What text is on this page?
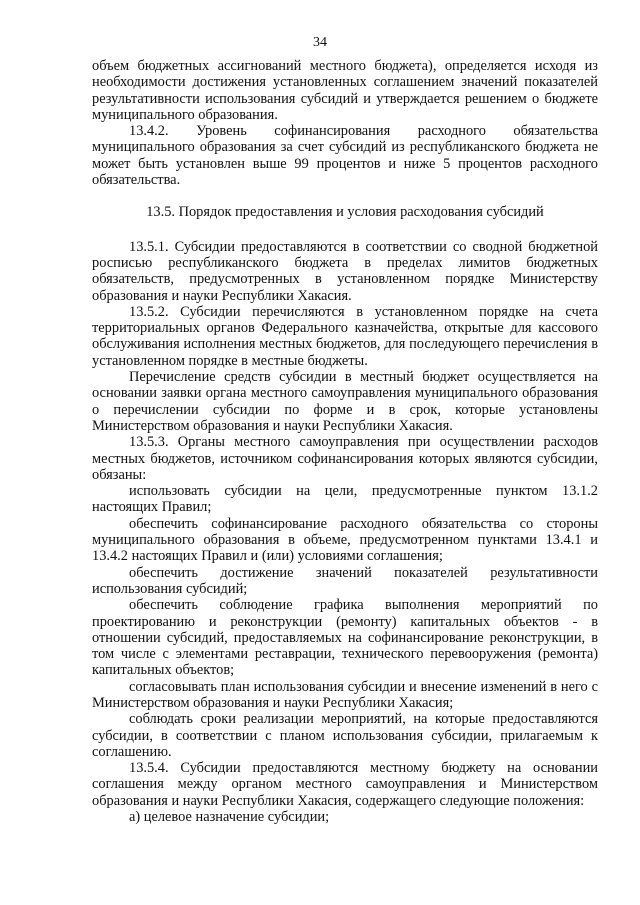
34

объем бюджетных ассигнований местного бюджета), определяется исходя из необходимости достижения установленных соглашением значений показателей результативности использования субсидий и утверждается решением о бюджете муниципального образования.

13.4.2. Уровень софинансирования расходного обязательства муниципального образования за счет субсидий из республиканского бюджета не может быть установлен выше 99 процентов и ниже 5 процентов расходного обязательства.

13.5. Порядок предоставления и условия расходования субсидий

13.5.1. Субсидии предоставляются в соответствии со сводной бюджетной росписью республиканского бюджета в пределах лимитов бюджетных обязательств, предусмотренных в установленном порядке Министерству образования и науки Республики Хакасия.

13.5.2. Субсидии перечисляются в установленном порядке на счета территориальных органов Федерального казначейства, открытые для кассового обслуживания исполнения местных бюджетов, для последующего перечисления в установленном порядке в местные бюджеты.

Перечисление средств субсидии в местный бюджет осуществляется на основании заявки органа местного самоуправления муниципального образования о перечислении субсидии по форме и в срок, которые установлены Министерством образования и науки Республики Хакасия.

13.5.3. Органы местного самоуправления при осуществлении расходов местных бюджетов, источником софинансирования которых являются субсидии, обязаны:

использовать субсидии на цели, предусмотренные пунктом 13.1.2 настоящих Правил;

обеспечить софинансирование расходного обязательства со стороны муниципального образования в объеме, предусмотренном пунктами 13.4.1 и 13.4.2 настоящих Правил и (или) условиями соглашения;

обеспечить достижение значений показателей результативности использования субсидий;

обеспечить соблюдение графика выполнения мероприятий по проектированию и реконструкции (ремонту) капитальных объектов - в отношении субсидий, предоставляемых на софинансирование реконструкции, в том числе с элементами реставрации, технического перевооружения (ремонта) капитальных объектов;

согласовывать план использования субсидии и внесение изменений в него с Министерством образования и науки Республики Хакасия;

соблюдать сроки реализации мероприятий, на которые предоставляются субсидии, в соответствии с планом использования субсидии, прилагаемым к соглашению.

13.5.4. Субсидии предоставляются местному бюджету на основании соглашения между органом местного самоуправления и Министерством образования и науки Республики Хакасия, содержащего следующие положения:

а) целевое назначение субсидии;
